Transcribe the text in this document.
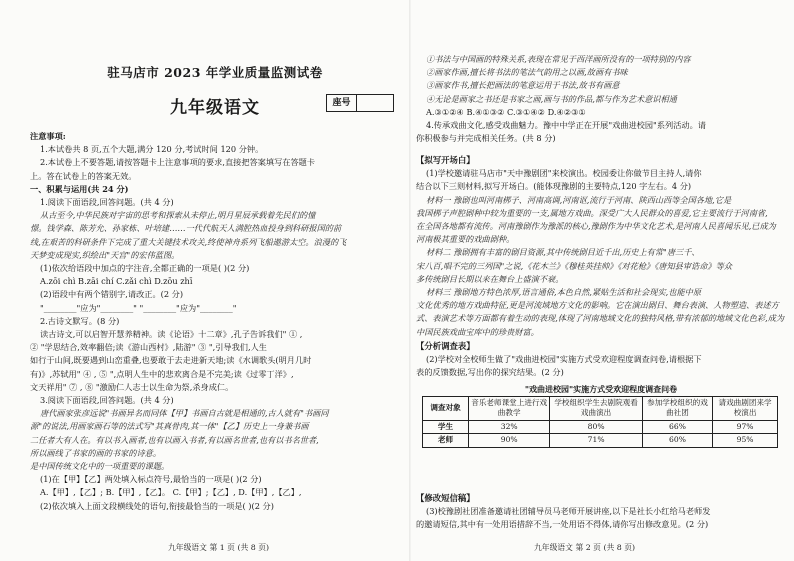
驻马店市 2023 年学业质量监测试卷
九年级语文	座号
注意事项:
1.本试卷共 8 页,五个大题,满分 120 分,考试时间 120 分钟。
2.本试卷上不要答题,请按答题卡上注意事项的要求,直接把答案填写在答题卡
上。答在试卷上的答案无效。
一、积累与运用(共 24 分)
1.阅读下面语段,回答问题。(共 4 分)
从古至今,中华民族对宇宙的思考和探索从未停止,明月星辰承载着先民们的憧
憬。钱学森、陈芳允、孙家栋、叶培建……一代代航天人满腔热血投身到科研报国的前
线,在艰苦的科研条件下完成了重大关键技术攻关,终使神舟系列飞船遨游太空。浪漫的飞
天梦变成现实,织绘出"天宫"的宏伟蓝图。
(1)依次给语段中加点的字注音,全都正确的一项是( )(2 分)
A.zōi chì B.zāi chí C.zǎi chì D.zōu zhī
(2)语段中有两个错别字,请改正。(2 分)
"________"应为"________" "________"应为"________"
2.古诗文默写。(8 分)
读古诗文,可以启智开慧养精神。读《论语》十二章》,孔子告诉我们" ① ,
② "学思结合,效率翻倍;读《游山西村》,陆游" ③ ",引导我们,人生
如行于山间,既要遇到山峦重叠,也要敢于去走进新天地;读《水调歌头(明月几时
有)》,苏轼用" ④ , ⑤ ",点明人生中的悲欢离合是不完美;读《过零丁洋》,
文天祥用" ⑦ , ⑧ "激励仁人志士以生命为祭,杀身成仁。
3.阅读下面语段,回答问题。(共 4 分)
唐代画家张彦远说"书画异名而同体【甲】书画自古就是相通的,古人就有"书画同
源"的说法,用画家画石等的法式写"其真骨肉,其一体"【乙】历史上一身兼书画
二任者大有人在。有以书入画者,也有以画入书者,有以画名世者,也有以书名世者,
所以画线了书家的画的书家的诗意。
是中国传统文化中的一项重要的课题。
(1)在【甲】【乙】两处填入标点符号,最恰当的一项是( )(2 分)
A.【甲】,【乙】; B.【甲】,【乙】。 C.【甲】;【乙】, D.【甲】,【乙】,
(2)依次填入上面文段横线处的语句,衔接最恰当的一项是( )(2 分)
九年级语文 第 1 页 (共 8 页)
①书法与中国画的特殊关系,表现在常见于西洋画所没有的一项特别的内容
②画家作画,擅长将书法的笔法气韵用之以画,故画有书味
③画家作书,擅长把画法的笔意运用于书法,故书有画意
④无论是画家之书还是书家之画,画与书的作品,都与作为艺术意识相通
A.③①②④ B.④①③② C.③①④② D.④②③①
4.传承戏曲文化,感受戏曲魅力。豫中中学正在开展"戏曲进校园"系列活动。请
你积极参与并完成相关任务。(共 8 分)
【拟写开场白】
(1)学校邀请驻马店市"天中豫剧团"来校演出。校园委让你做节目主持人,请你
结合以下三则材料,拟写开场白。(能体现豫剧的主要特点,120 字左右。4 分)
材料一 豫剧也叫河南梆子、河南高调,河南讴,流行于河南、陕西山西等全国各地,它是
我国梆子声腔剧种中较为重要的一支,属地方戏曲。深受广大人民群众的喜爱,它主要流行于河南省,
在全国各地都有流传。河南豫剧作为豫派的核心,豫剧作为中华文化艺术,是河南人民喜闻乐见,已成为
河南极其重要的戏曲剧种。
材料二 豫剧拥有丰富的剧目资源,其中传统剧目近千出,历史上有常"唐三千、
宋八百,唱不完的三列国"之说,《花木兰》《穆桂英挂帅》《对花枪》《唐知县审诰命》等众
多传统剧目长期以来在舞台上盛演不衰。
材料三 豫剧地方特色浓厚,语言通俗,本色自然,紧贴生活和社会现实,也能中原
文化优秀的地方戏曲特征,更是河流域地方文化的影响。它在演出剧目、舞台表演、人物塑造、表述方
式、表演艺术等方面都有着生动的表现,体现了河南地域文化的独特风格,带有浓郁的地域文化色彩,成为
中国民族戏曲宝库中的珍贵财富。
【分析调查表】
(2)学校对全校师生做了"戏曲进校园"实施方式受欢迎程度调查问卷,请根据下
表的反馈数据,写出你的探究结果。(2 分)
"戏曲进校园"实施方式受欢迎程度调查问卷
调查对象	音乐老师课堂上进行戏曲教学	学校组织学生去剧院观看戏曲演出	参加学校组织的戏曲社团	请戏曲剧团来学校演出
学生	32%	80%	66%	97%
老师	90%	71%	60%	95%
【修改短信稿】
(3)校豫剧社团准备邀请社团辅导员马老师开展讲座,以下是社长小红给马老师发
的邀请短信,其中有一处用语措辞不当,一处用语不得体,请你写出修改意见。(2 分)
九年级语文 第 2 页 (共 8 页)
